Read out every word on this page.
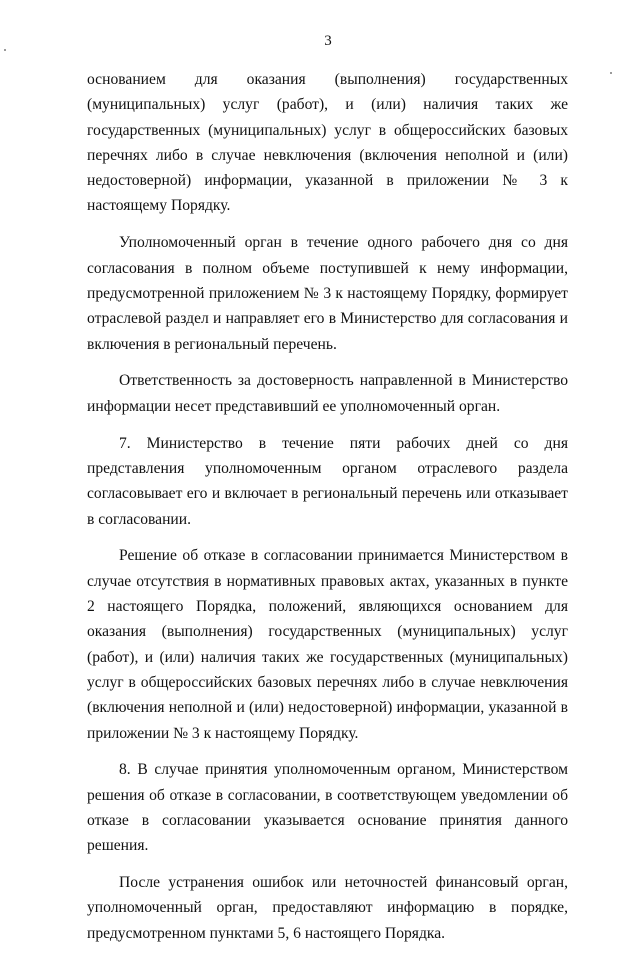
3

основанием для оказания (выполнения) государственных (муниципальных) услуг (работ), и (или) наличия таких же государственных (муниципальных) услуг в общероссийских базовых перечнях либо в случае невключения (включения неполной и (или) недостоверной) информации, указанной в приложении № 3 к настоящему Порядку.

Уполномоченный орган в течение одного рабочего дня со дня согласования в полном объеме поступившей к нему информации, предусмотренной приложением № 3 к настоящему Порядку, формирует отраслевой раздел и направляет его в Министерство для согласования и включения в региональный перечень.

Ответственность за достоверность направленной в Министерство информации несет представивший ее уполномоченный орган.

7. Министерство в течение пяти рабочих дней со дня представления уполномоченным органом отраслевого раздела согласовывает его и включает в региональный перечень или отказывает в согласовании.

Решение об отказе в согласовании принимается Министерством в случае отсутствия в нормативных правовых актах, указанных в пункте 2 настоящего Порядка, положений, являющихся основанием для оказания (выполнения) государственных (муниципальных) услуг (работ), и (или) наличия таких же государственных (муниципальных) услуг в общероссийских базовых перечнях либо в случае невключения (включения неполной и (или) недостоверной) информации, указанной в приложении № 3 к настоящему Порядку.

8. В случае принятия уполномоченным органом, Министерством решения об отказе в согласовании, в соответствующем уведомлении об отказе в согласовании указывается основание принятия данного решения.

После устранения ошибок или неточностей финансовый орган, уполномоченный орган, предоставляют информацию в порядке, предусмотренном пунктами 5, 6 настоящего Порядка.
